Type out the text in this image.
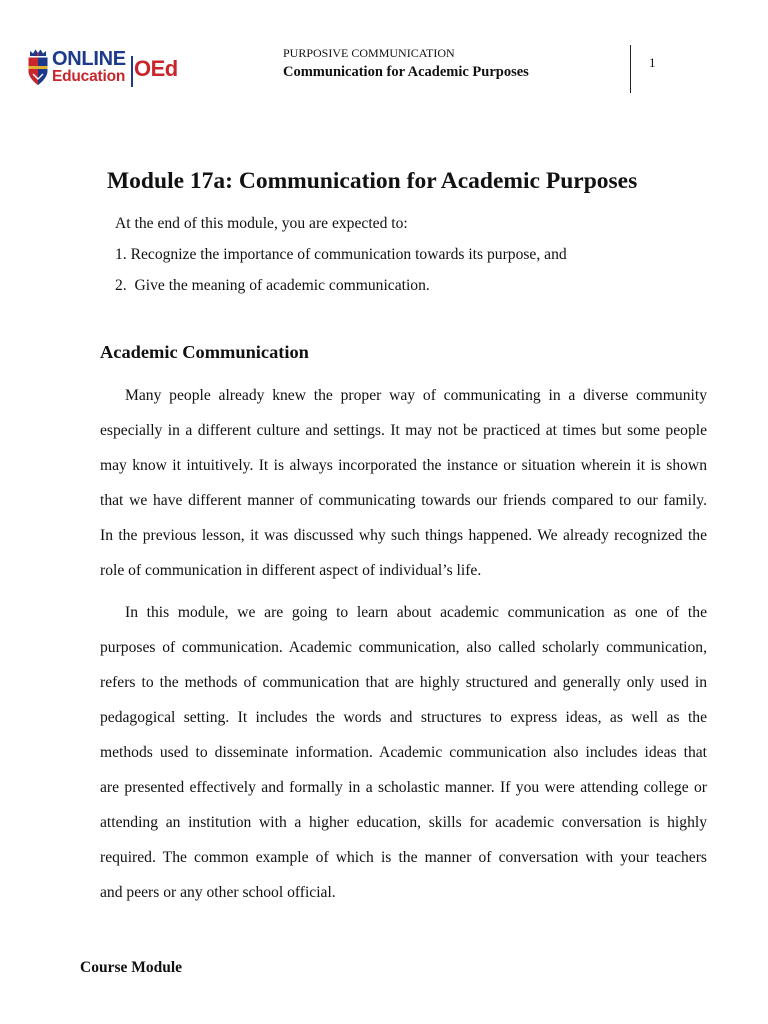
ONLINE
Education OEd
PURPOSIVE COMMUNICATION
Communication for Academic Purposes
1
Module 17a: Communication for Academic Purposes
At the end of this module, you are expected to:
1. Recognize the importance of communication towards its purpose, and
2.  Give the meaning of academic communication.
Academic Communication
Many people already knew the proper way of communicating in a diverse community
especially in a different culture and settings. It may not be practiced at times but some people
may know it intuitively. It is always incorporated the instance or situation wherein it is shown
that we have different manner of communicating towards our friends compared to our family.
In the previous lesson, it was discussed why such things happened. We already recognized the
role of communication in different aspect of individual’s life.
In this module, we are going to learn about academic communication as one of the
purposes of communication. Academic communication, also called scholarly communication,
refers to the methods of communication that are highly structured and generally only used in
pedagogical setting. It includes the words and structures to express ideas, as well as the
methods used to disseminate information. Academic communication also includes ideas that
are presented effectively and formally in a scholastic manner. If you were attending college or
attending an institution with a higher education, skills for academic conversation is highly
required. The common example of which is the manner of conversation with your teachers
and peers or any other school official.
Course Module
